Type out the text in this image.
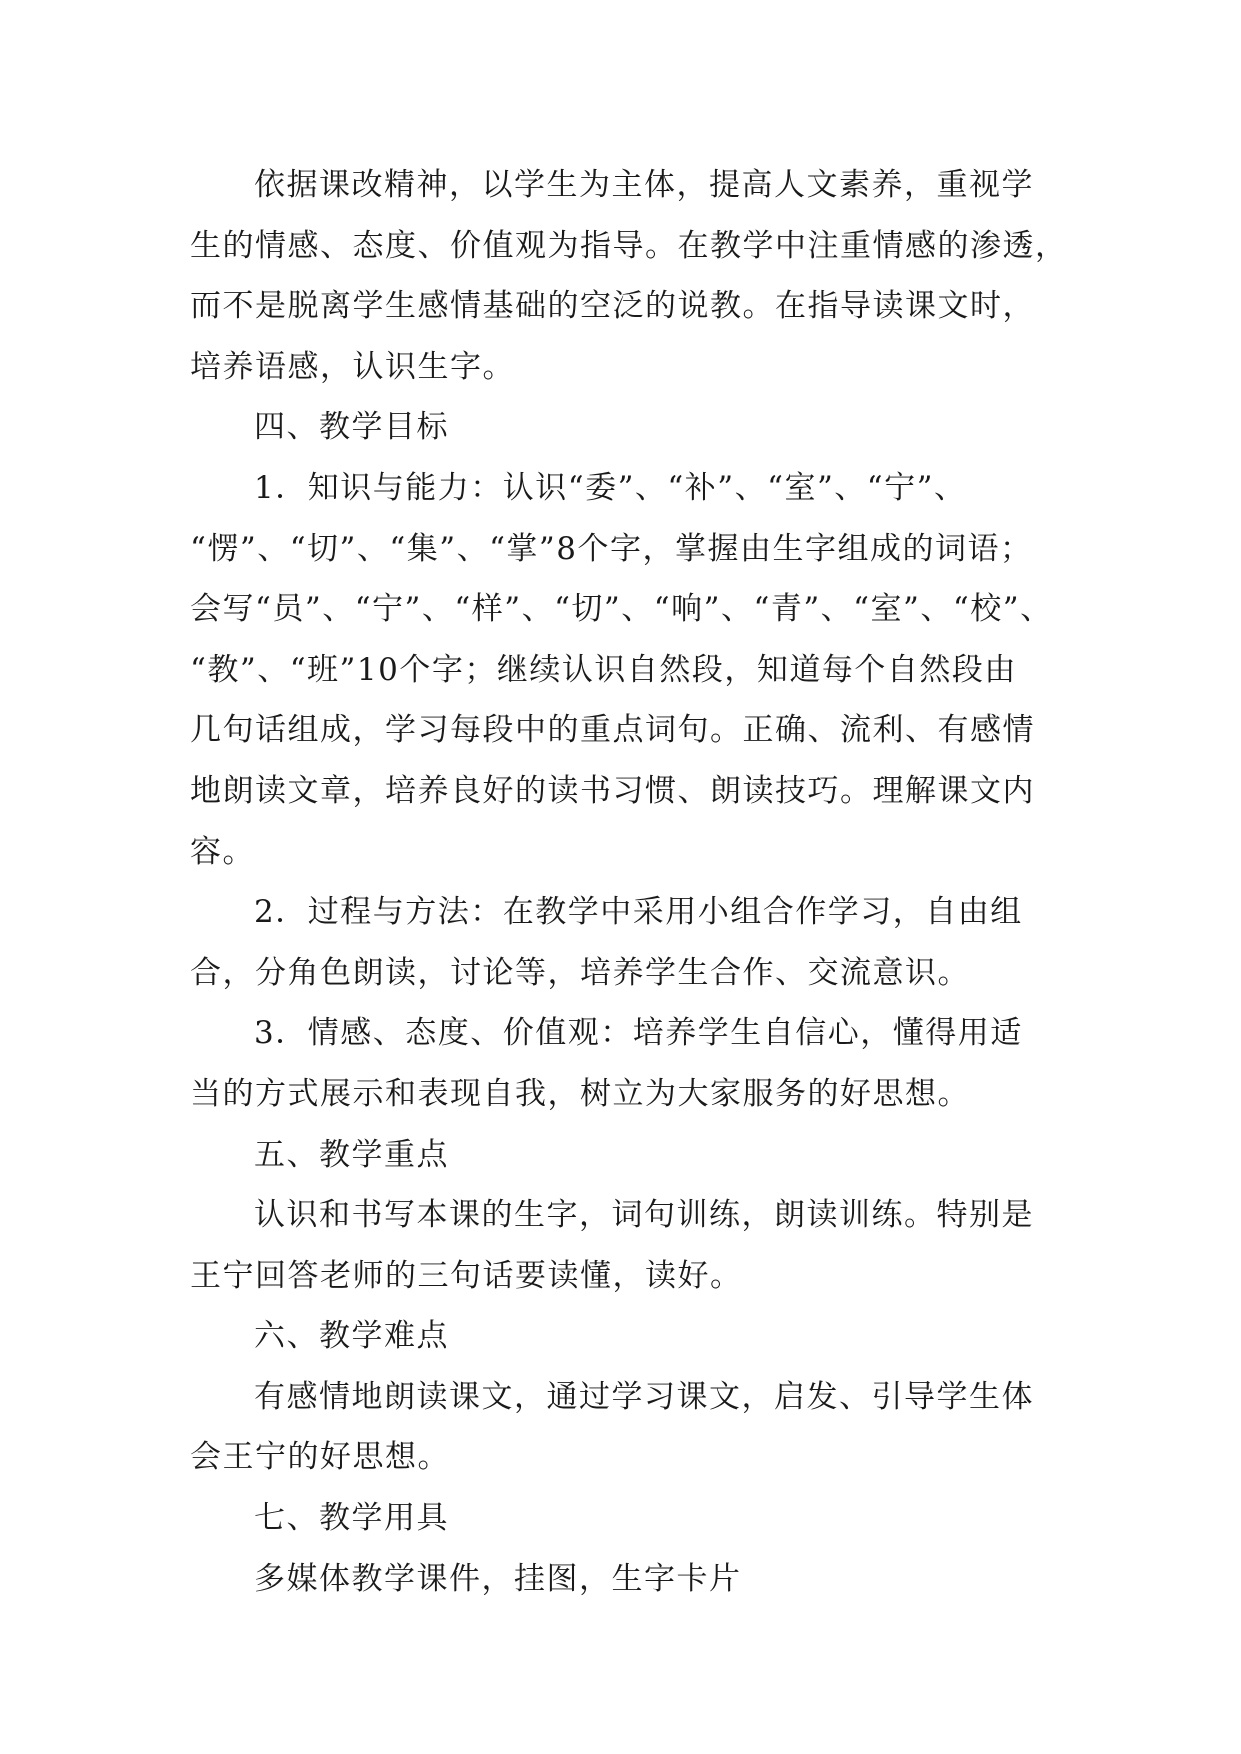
依据课改精神，以学生为主体，提高人文素养，重视学
生的情感、态度、价值观为指导。在教学中注重情感的渗透，
而不是脱离学生感情基础的空泛的说教。在指导读课文时，
培养语感，认识生字。
四、教学目标
1．知识与能力：认识“委”、“补”、“室”、“宁”、
“愣”、“切”、“集”、“掌”8个字，掌握由生字组成的词语；
会写“员”、“宁”、“样”、“切”、“响”、“青”、“室”、“校”、
“教”、“班”10个字；继续认识自然段，知道每个自然段由
几句话组成，学习每段中的重点词句。正确、流利、有感情
地朗读文章，培养良好的读书习惯、朗读技巧。理解课文内
容。
2．过程与方法：在教学中采用小组合作学习，自由组
合，分角色朗读，讨论等，培养学生合作、交流意识。
3．情感、态度、价值观：培养学生自信心，懂得用适
当的方式展示和表现自我，树立为大家服务的好思想。
五、教学重点
认识和书写本课的生字，词句训练，朗读训练。特别是
王宁回答老师的三句话要读懂，读好。
六、教学难点
有感情地朗读课文，通过学习课文，启发、引导学生体
会王宁的好思想。
七、教学用具
多媒体教学课件，挂图，生字卡片
